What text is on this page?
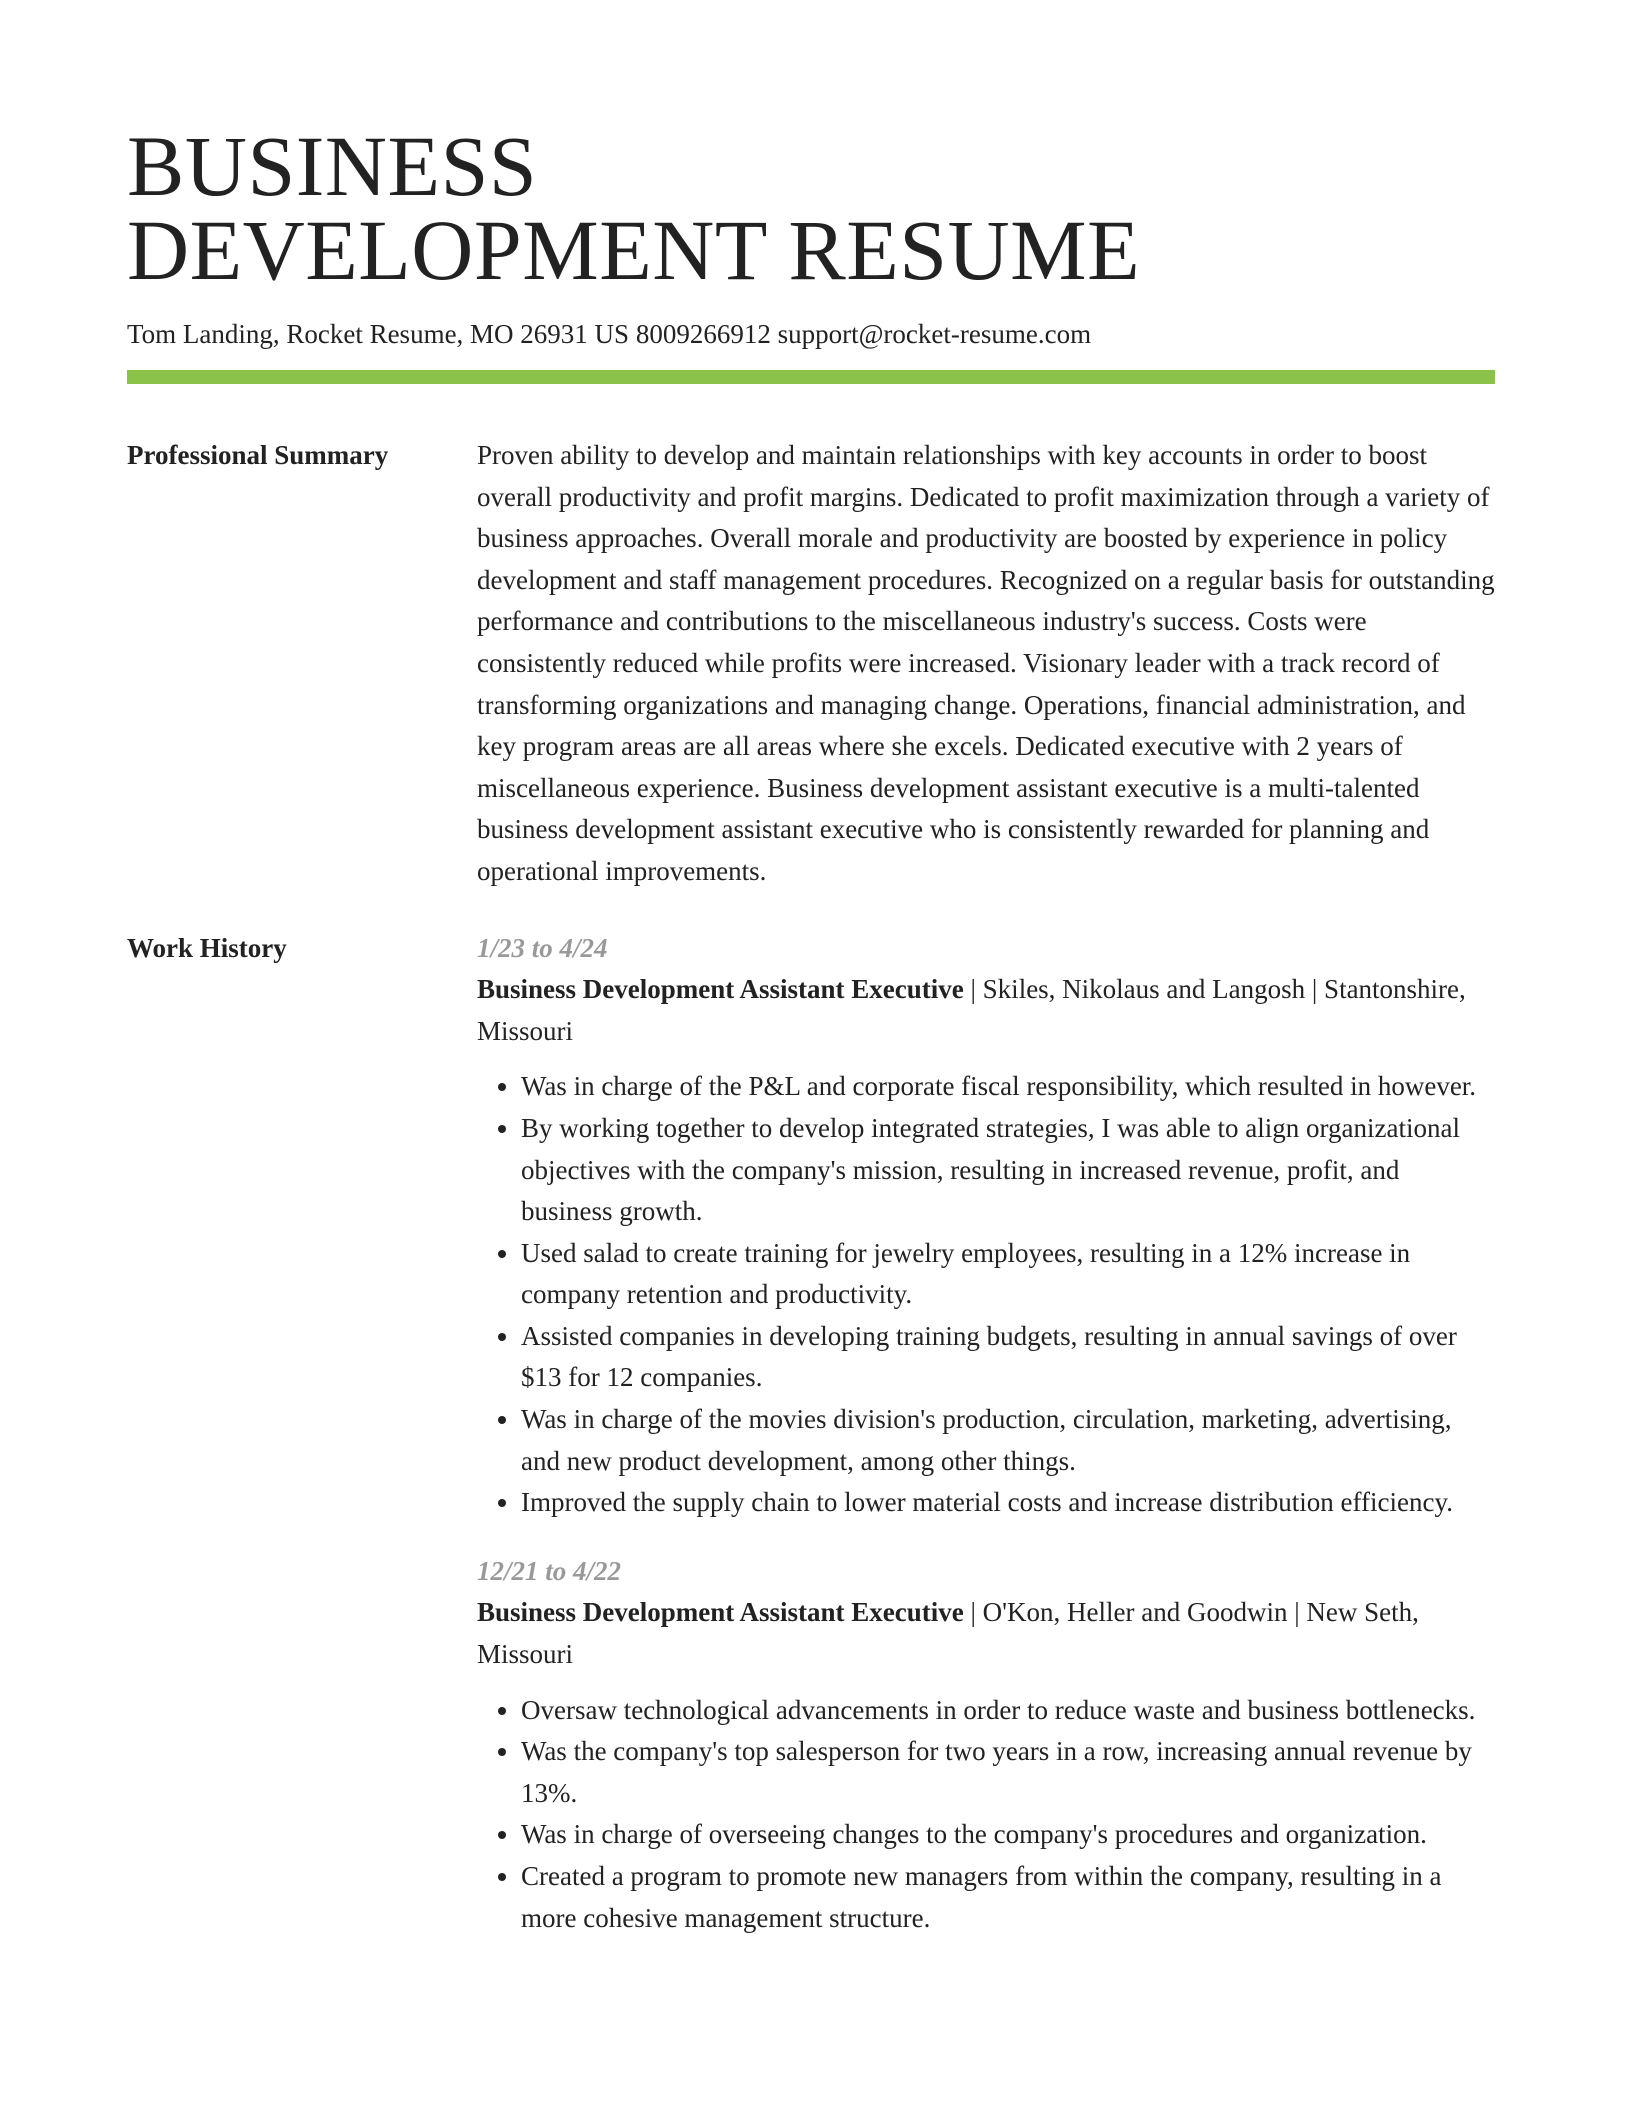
BUSINESS
DEVELOPMENT RESUME
Tom Landing, Rocket Resume, MO 26931 US 8009266912 support@rocket-resume.com
Professional Summary	Proven ability to develop and maintain relationships with key accounts in order to boost overall productivity and profit margins. Dedicated to profit maximization through a variety of business approaches. Overall morale and productivity are boosted by experience in policy development and staff management procedures. Recognized on a regular basis for outstanding performance and contributions to the miscellaneous industry's success. Costs were consistently reduced while profits were increased. Visionary leader with a track record of transforming organizations and managing change. Operations, financial administration, and key program areas are all areas where she excels. Dedicated executive with 2 years of miscellaneous experience. Business development assistant executive is a multi-talented business development assistant executive who is consistently rewarded for planning and operational improvements.

Work History	1/23 to 4/24
Business Development Assistant Executive | Skiles, Nikolaus and Langosh | Stantonshire, Missouri
• Was in charge of the P&L and corporate fiscal responsibility, which resulted in however.
• By working together to develop integrated strategies, I was able to align organizational objectives with the company's mission, resulting in increased revenue, profit, and business growth.
• Used salad to create training for jewelry employees, resulting in a 12% increase in company retention and productivity.
• Assisted companies in developing training budgets, resulting in annual savings of over $13 for 12 companies.
• Was in charge of the movies division's production, circulation, marketing, advertising, and new product development, among other things.
• Improved the supply chain to lower material costs and increase distribution efficiency.
12/21 to 4/22
Business Development Assistant Executive | O'Kon, Heller and Goodwin | New Seth, Missouri
• Oversaw technological advancements in order to reduce waste and business bottlenecks.
• Was the company's top salesperson for two years in a row, increasing annual revenue by 13%.
• Was in charge of overseeing changes to the company's procedures and organization.
• Created a program to promote new managers from within the company, resulting in a more cohesive management structure.
